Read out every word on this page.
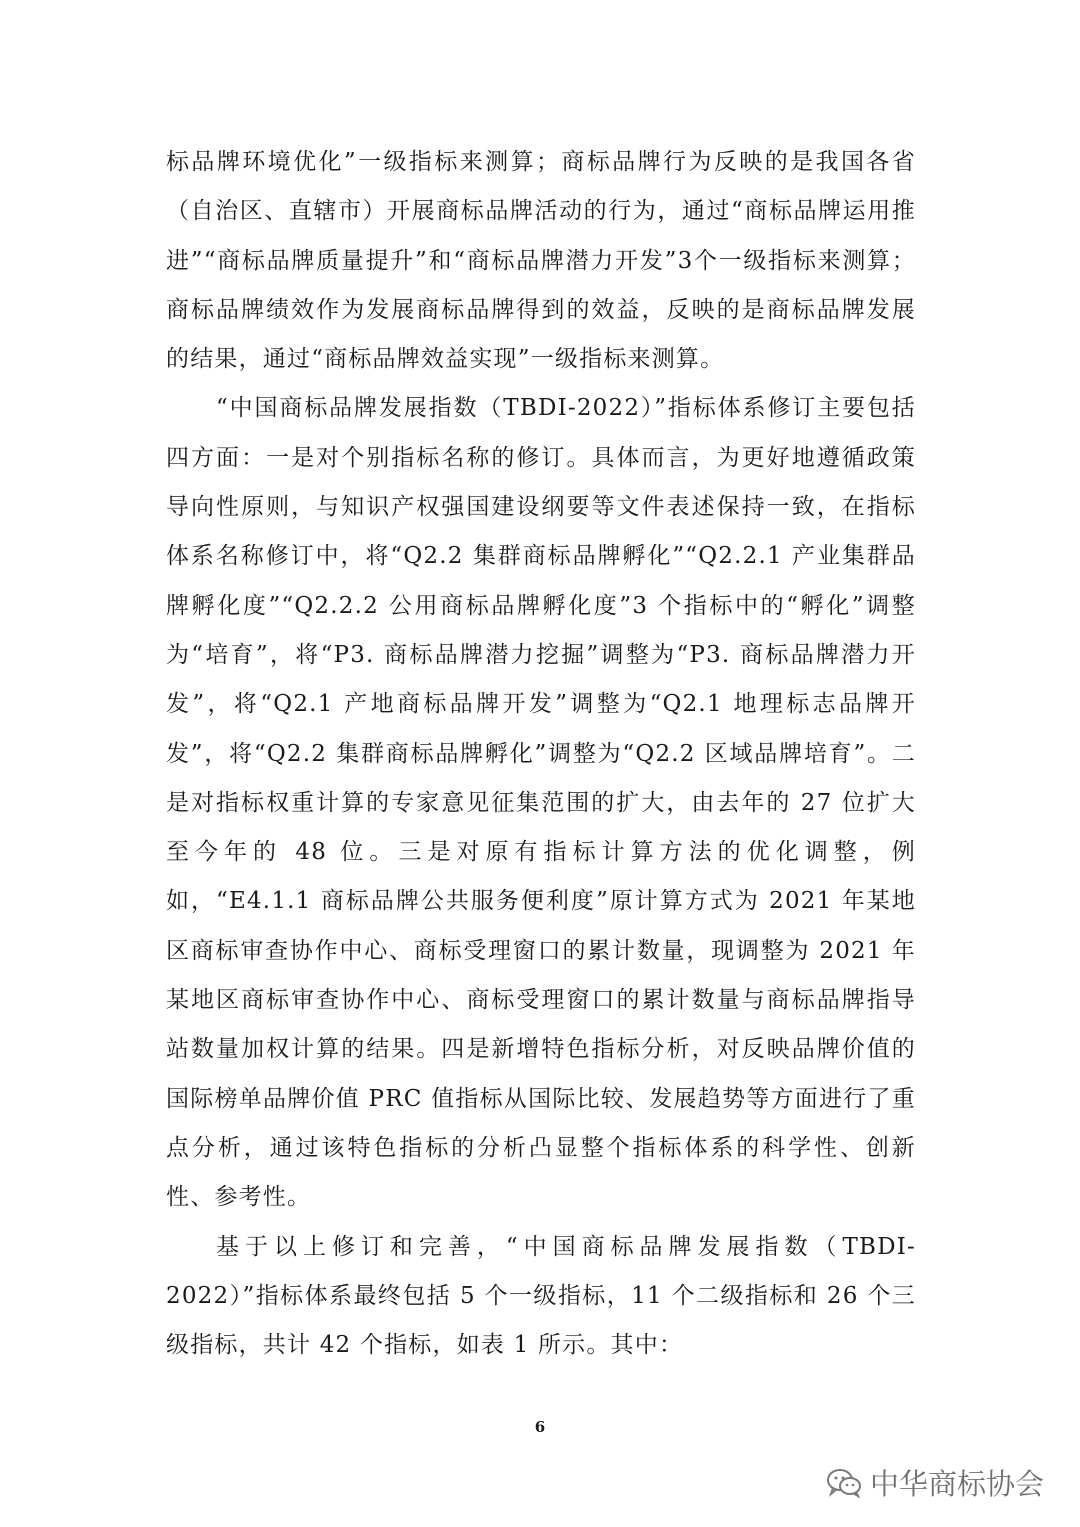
标品牌环境优化”一级指标来测算；商标品牌行为反映的是我国各省（自治区、直辖市）开展商标品牌活动的行为，通过“商标品牌运用推进”“商标品牌质量提升”和“商标品牌潜力开发”3个一级指标来测算；商标品牌绩效作为发展商标品牌得到的效益，反映的是商标品牌发展的结果，通过“商标品牌效益实现”一级指标来测算。

“中国商标品牌发展指数（TBDI-2022）”指标体系修订主要包括四方面：一是对个别指标名称的修订。具体而言，为更好地遵循政策导向性原则，与知识产权强国建设纲要等文件表述保持一致，在指标体系名称修订中，将“Q2.2 集群商标品牌孵化”“Q2.2.1 产业集群品牌孵化度”“Q2.2.2 公用商标品牌孵化度”3 个指标中的“孵化”调整为“培育”，将“P3. 商标品牌潜力挖掘”调整为“P3. 商标品牌潜力开发”，将“Q2.1 产地商标品牌开发”调整为“Q2.1 地理标志品牌开发”，将“Q2.2 集群商标品牌孵化”调整为“Q2.2 区域品牌培育”。二是对指标权重计算的专家意见征集范围的扩大，由去年的 27 位扩大至今年的 48 位。三是对原有指标计算方法的优化调整，例如，“E4.1.1 商标品牌公共服务便利度”原计算方式为 2021 年某地区商标审查协作中心、商标受理窗口的累计数量，现调整为 2021 年某地区商标审查协作中心、商标受理窗口的累计数量与商标品牌指导站数量加权计算的结果。四是新增特色指标分析，对反映品牌价值的国际榜单品牌价值 PRC 值指标从国际比较、发展趋势等方面进行了重点分析，通过该特色指标的分析凸显整个指标体系的科学性、创新性、参考性。

基于以上修订和完善，“中国商标品牌发展指数（TBDI-2022）”指标体系最终包括 5 个一级指标，11 个二级指标和 26 个三级指标，共计 42 个指标，如表 1 所示。其中：

6
中华商标协会
